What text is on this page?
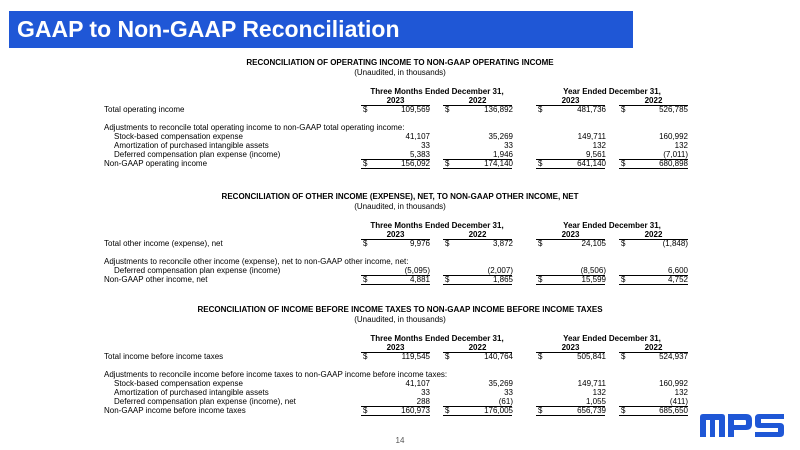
GAAP to Non-GAAP Reconciliation
RECONCILIATION OF OPERATING INCOME TO NON-GAAP OPERATING INCOME
(Unaudited, in thousands)
Three Months Ended December 31,	Year Ended December 31,
2023	2022	2023	2022
Total operating income	$	109,569 $	136,892	$	481,736 $	526,785
Adjustments to reconcile total operating income to non-GAAP total operating income:
Stock-based compensation expense	41,107	35,269	149,711	160,992
Amortization of purchased intangible assets	33	33	132	132
Deferred compensation plan expense (income)	5,383	1,946	9,561	(7,011)
Non-GAAP operating income	$	156,092 $	174,140	$	641,140 $	680,898
RECONCILIATION OF OTHER INCOME (EXPENSE), NET, TO NON-GAAP OTHER INCOME, NET
(Unaudited, in thousands)
Three Months Ended December 31,	Year Ended December 31,
2023	2022	2023	2022
Total other income (expense), net	$	9,976 $	3,872	$	24,105 $	(1,848)
Adjustments to reconcile other income (expense), net to non-GAAP other income, net:
Deferred compensation plan expense (income)	(5,095)	(2,007)	(8,506)	6,600
Non-GAAP other income, net	$	4,881 $	1,865	$	15,599 $	4,752
RECONCILIATION OF INCOME BEFORE INCOME TAXES TO NON-GAAP INCOME BEFORE INCOME TAXES
(Unaudited, in thousands)
Three Months Ended December 31,	Year Ended December 31,
2023	2022	2023	2022
Total income before income taxes	$	119,545 $	140,764	$	505,841 $	524,937
Adjustments to reconcile income before income taxes to non-GAAP income before income taxes:
Stock-based compensation expense	41,107	35,269	149,711	160,992
Amortization of purchased intangible assets	33	33	132	132
Deferred compensation plan expense (income), net	288	(61)	1,055	(411)
Non-GAAP income before income taxes	$	160,973 $	176,005	$	656,739 $	685,650
14
